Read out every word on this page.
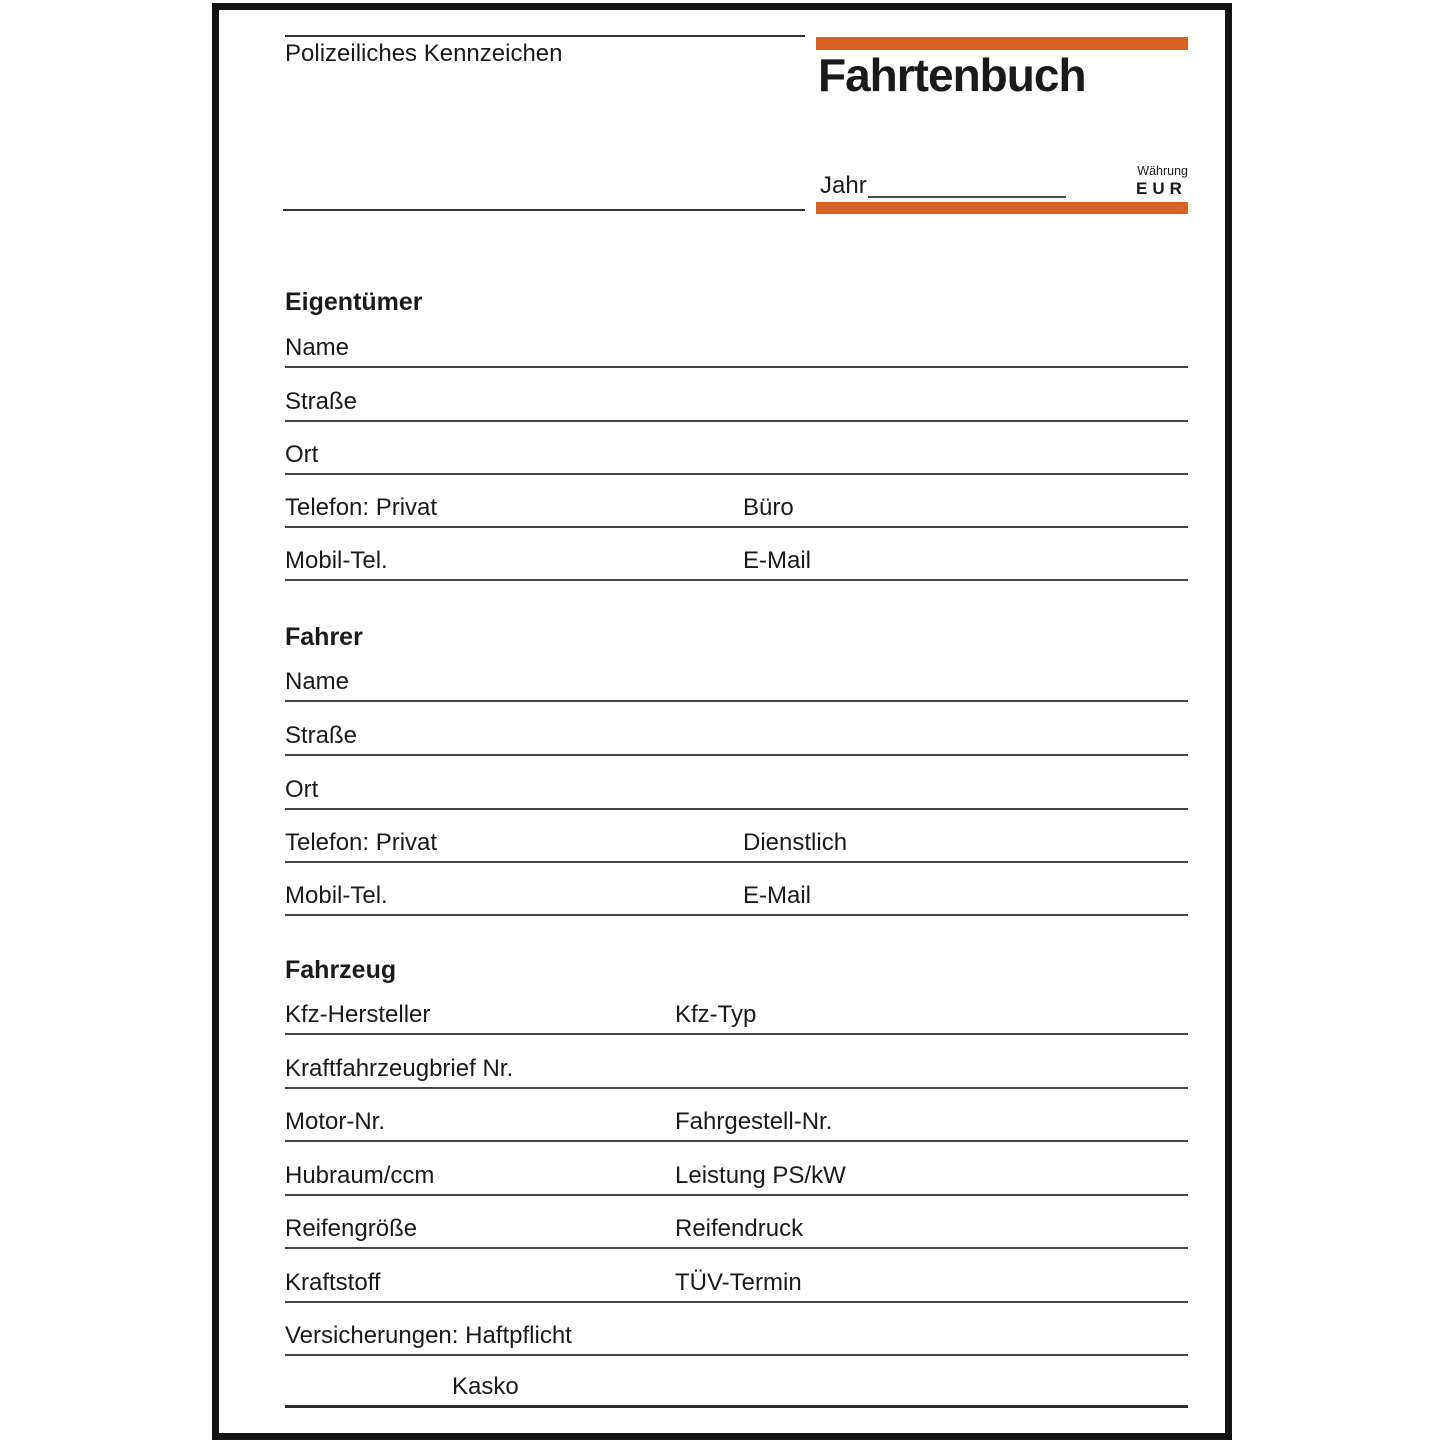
Polizeiliches Kennzeichen	Fahrtenbuch
Jahr
Währung
EUR
Eigentümer
Name
Straße
Ort
Telefon: Privat	Büro
Mobil-Tel.	E-Mail
Fahrer
Name
Straße
Ort
Telefon: Privat	Dienstlich
Mobil-Tel.	E-Mail
Fahrzeug
Kfz-Hersteller	Kfz-Typ
Kraftfahrzeugbrief Nr.
Motor-Nr.	Fahrgestell-Nr.
Hubraum/ccm	Leistung PS/kW
Reifengröße	Reifendruck
Kraftstoff	TÜV-Termin
Versicherungen: Haftpflicht
Kasko
